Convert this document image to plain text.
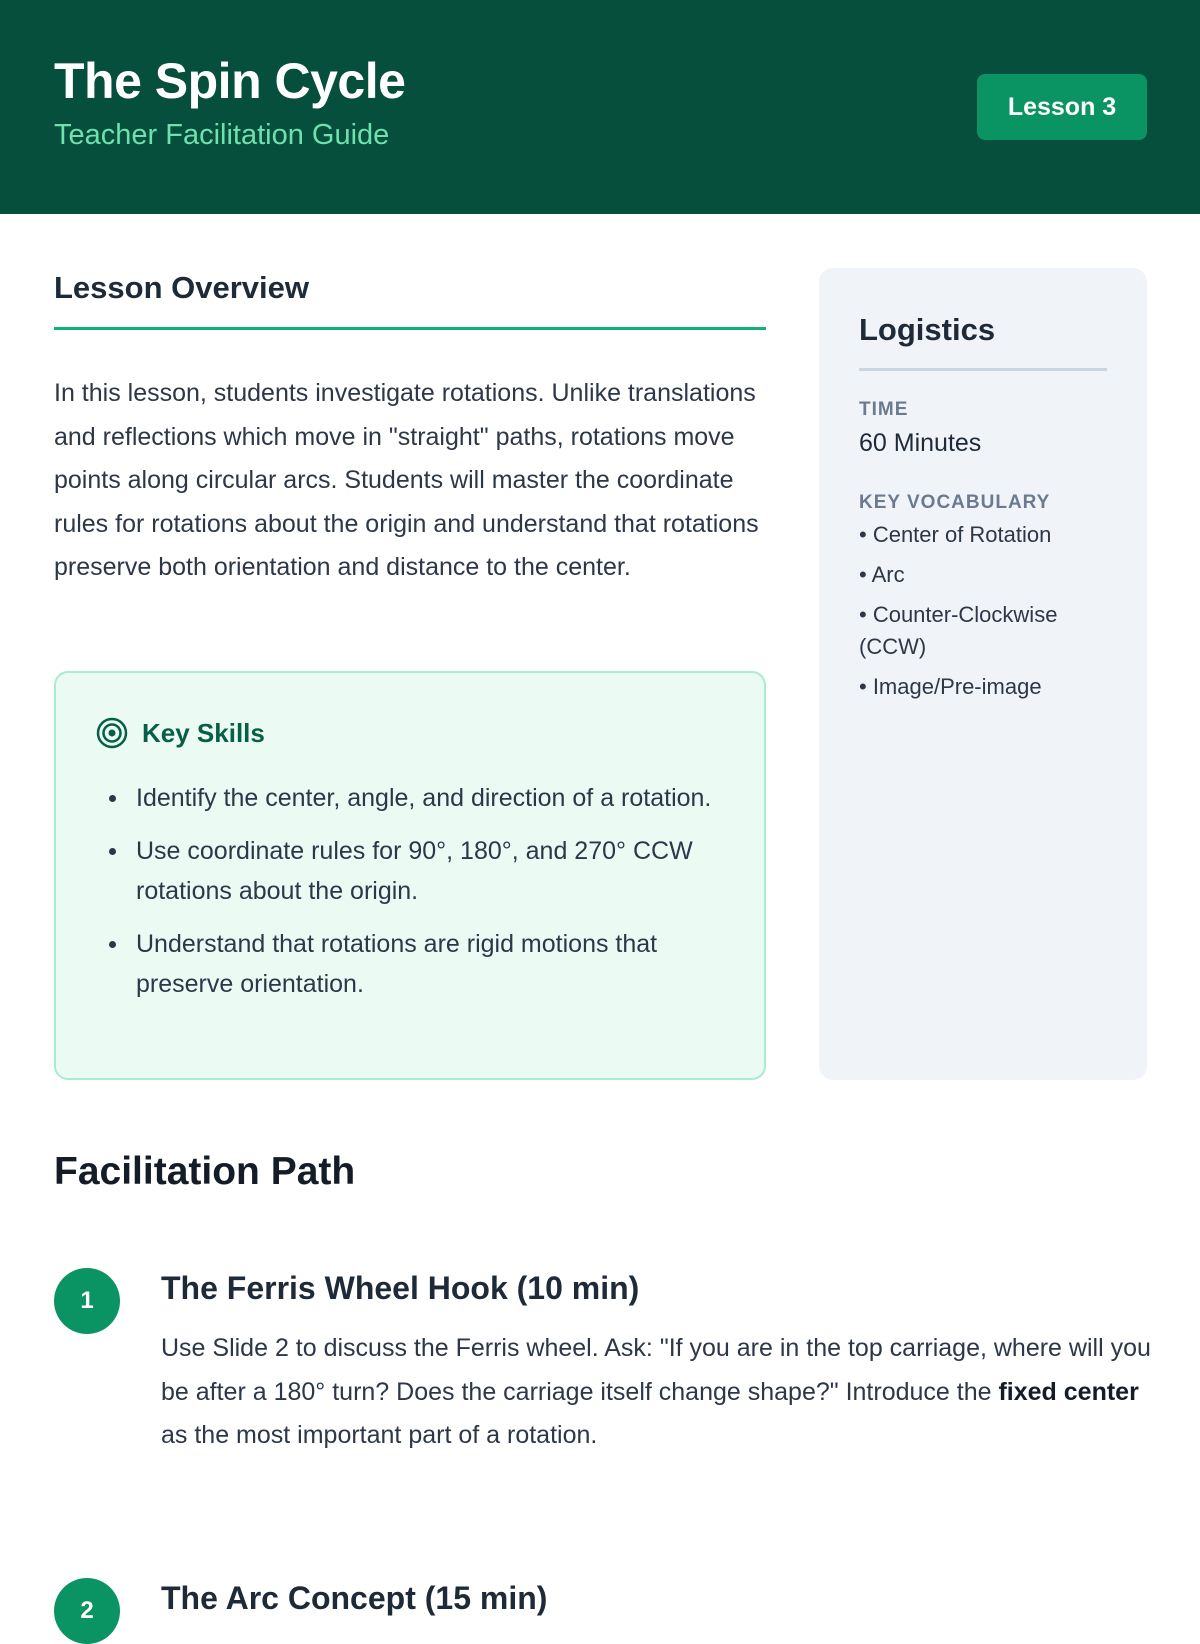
The Spin Cycle
Teacher Facilitation Guide
Lesson 3
Lesson Overview

In this lesson, students investigate rotations. Unlike translations and reflections which move in "straight" paths, rotations move points along circular arcs. Students will master the coordinate rules for rotations about the origin and understand that rotations preserve both orientation and distance to the center.

Key Skills
Identify the center, angle, and direction of a rotation.
Use coordinate rules for 90°, 180°, and 270° CCW rotations about the origin.
Understand that rotations are rigid motions that preserve orientation.
Logistics
TIME
60 Minutes
KEY VOCABULARY
• Center of Rotation
• Arc
• Counter-Clockwise (CCW)
• Image/Pre-image
Facilitation Path
1	The Ferris Wheel Hook (10 min)

Use Slide 2 to discuss the Ferris wheel. Ask: "If you are in the top carriage, where will you be after a 180° turn? Does the carriage itself change shape?" Introduce the fixed center as the most important part of a rotation.

2	The Arc Concept (15 min)
